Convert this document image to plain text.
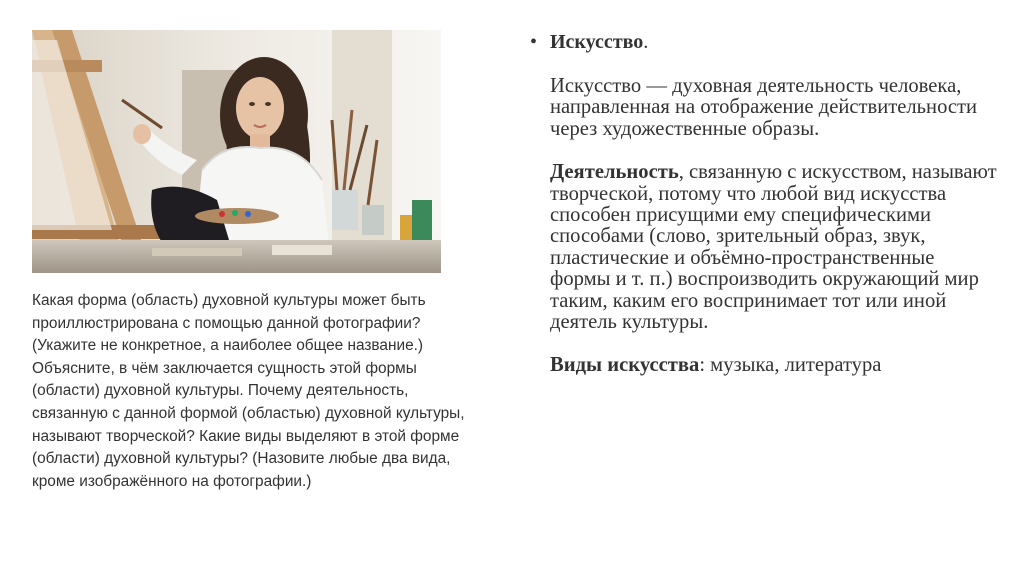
Какая форма (область) духовной культуры может быть проиллюстрирована с помощью данной фотографии? (Укажите не конкретное, а наиболее общее название.) Объясните, в чём заключается сущность этой формы (области) духовной культуры. Почему деятельность, связанную с данной формой (областью) духовной культуры, называют творческой? Какие виды выделяют в этой форме (области) духовной культуры? (Назовите любые два вида, кроме изображённого на фотографии.)
• Искусство.
Искусство — духовная деятельность человека, направленная на отображение действительности через художественные образы.
Деятельность, связанную с искусством, называют творческой, потому что любой вид искусства способен присущими ему специфическими способами (слово, зрительный образ, звук, пластические и объёмно-пространственные формы и т. п.) воспроизводить окружающий мир таким, каким его воспринимает тот или иной деятель культуры.
Виды искусства: музыка, литература
